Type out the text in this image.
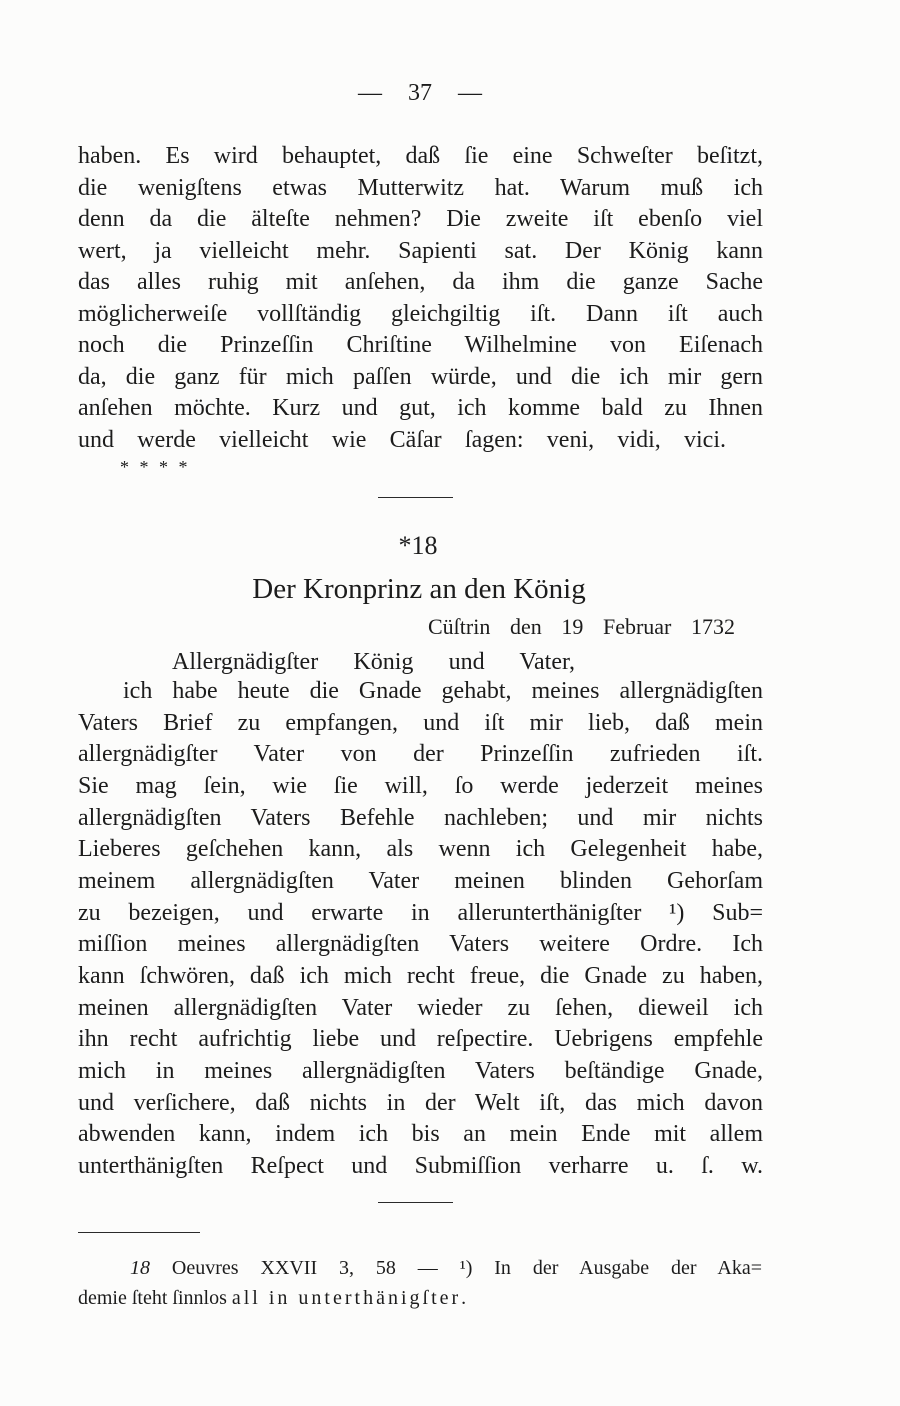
— 37 —
haben. Es wird behauptet, daß ſie eine Schweſter beſitzt,
die wenigſtens etwas Mutterwitz hat. Warum muß ich
denn da die älteſte nehmen? Die zweite iſt ebenſo viel
wert, ja vielleicht mehr. Sapienti sat. Der König kann
das alles ruhig mit anſehen, da ihm die ganze Sache
möglicherweiſe vollſtändig gleichgiltig iſt. Dann iſt auch
noch die Prinzeſſin Chriſtine Wilhelmine von Eiſenach
da, die ganz für mich paſſen würde, und die ich mir gern
anſehen möchte. Kurz und gut, ich komme bald zu Ihnen
und werde vielleicht wie Cäſar ſagen: veni, vidi, vici.
* * * *
*18
Der Kronprinz an den König
Cüſtrin den 19 Februar 1732
Allergnädigſter König und Vater,
ich habe heute die Gnade gehabt, meines allergnädigſten
Vaters Brief zu empfangen, und iſt mir lieb, daß mein
allergnädigſter Vater von der Prinzeſſin zufrieden iſt.
Sie mag ſein, wie ſie will, ſo werde jederzeit meines
allergnädigſten Vaters Befehle nachleben; und mir nichts
Lieberes geſchehen kann, als wenn ich Gelegenheit habe,
meinem allergnädigſten Vater meinen blinden Gehorſam
zu bezeigen, und erwarte in allerunterthänigſter ¹) Sub=
miſſion meines allergnädigſten Vaters weitere Ordre. Ich
kann ſchwören, daß ich mich recht freue, die Gnade zu haben,
meinen allergnädigſten Vater wieder zu ſehen, dieweil ich
ihn recht aufrichtig liebe und reſpectire. Uebrigens empfehle
mich in meines allergnädigſten Vaters beſtändige Gnade,
und verſichere, daß nichts in der Welt iſt, das mich davon
abwenden kann, indem ich bis an mein Ende mit allem
unterthänigſten Reſpect und Submiſſion verharre u. ſ. w.
18 Oeuvres XXVII 3, 58 — ¹) In der Ausgabe der Aka=
demie ſteht ſinnlos all in unterthänigſter.
